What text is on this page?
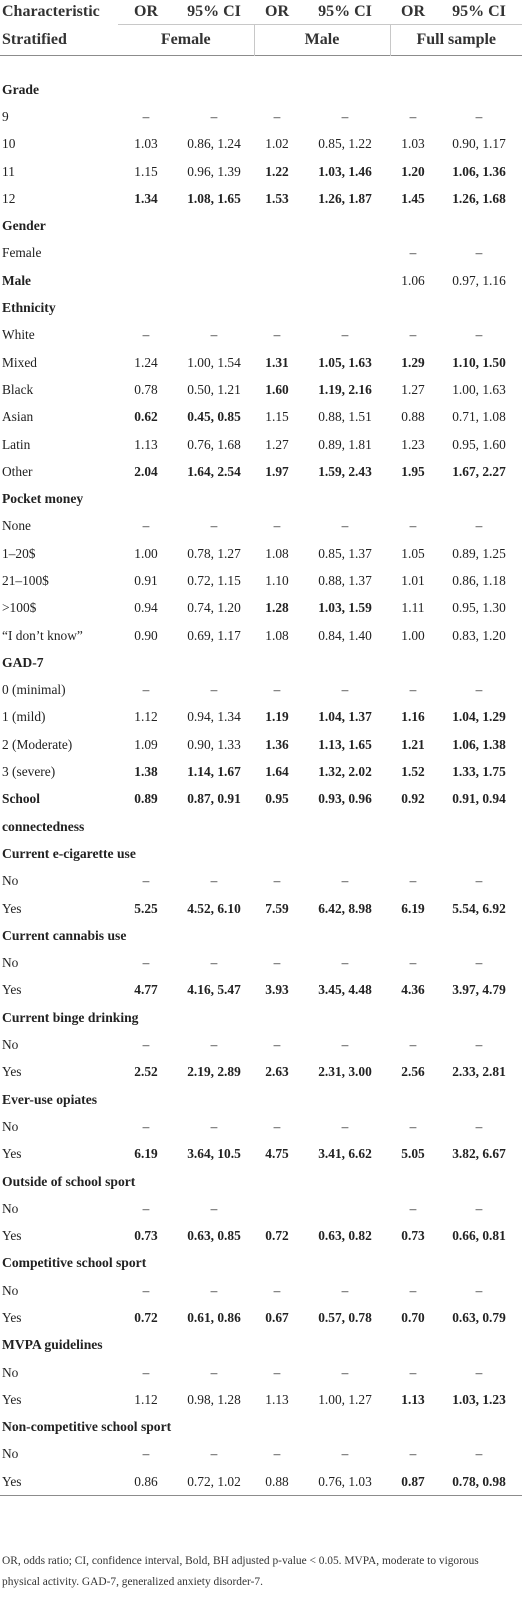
Characteristic	OR	95% CI	OR	95% CI	OR	95% CI
Stratified	Female		Male		Full sample	

Grade						
9	–	–	–	–	–	–
10	1.03	0.86, 1.24	1.02	0.85, 1.22	1.03	0.90, 1.17
11	1.15	0.96, 1.39	1.22	1.03, 1.46	1.20	1.06, 1.36
12	1.34	1.08, 1.65	1.53	1.26, 1.87	1.45	1.26, 1.68
Gender						
Female					–	–
Male					1.06	0.97, 1.16
Ethnicity						
White	–	–	–	–	–	–
Mixed	1.24	1.00, 1.54	1.31	1.05, 1.63	1.29	1.10, 1.50
Black	0.78	0.50, 1.21	1.60	1.19, 2.16	1.27	1.00, 1.63
Asian	0.62	0.45, 0.85	1.15	0.88, 1.51	0.88	0.71, 1.08
Latin	1.13	0.76, 1.68	1.27	0.89, 1.81	1.23	0.95, 1.60
Other	2.04	1.64, 2.54	1.97	1.59, 2.43	1.95	1.67, 2.27
Pocket money						
None	–	–	–	–	–	–
1–20$	1.00	0.78, 1.27	1.08	0.85, 1.37	1.05	0.89, 1.25
21–100$	0.91	0.72, 1.15	1.10	0.88, 1.37	1.01	0.86, 1.18
>100$	0.94	0.74, 1.20	1.28	1.03, 1.59	1.11	0.95, 1.30
“I don’t know”	0.90	0.69, 1.17	1.08	0.84, 1.40	1.00	0.83, 1.20
GAD-7						
0 (minimal)	–	–	–	–	–	–
1 (mild)	1.12	0.94, 1.34	1.19	1.04, 1.37	1.16	1.04, 1.29
2 (Moderate)	1.09	0.90, 1.33	1.36	1.13, 1.65	1.21	1.06, 1.38
3 (severe)	1.38	1.14, 1.67	1.64	1.32, 2.02	1.52	1.33, 1.75
School	0.89	0.87, 0.91	0.95	0.93, 0.96	0.92	0.91, 0.94
connectedness						
Current e-cigarette use						
No	–	–	–	–	–	–
Yes	5.25	4.52, 6.10	7.59	6.42, 8.98	6.19	5.54, 6.92
Current cannabis use						
No	–	–	–	–	–	–
Yes	4.77	4.16, 5.47	3.93	3.45, 4.48	4.36	3.97, 4.79
Current binge drinking						
No	–	–	–	–	–	–
Yes	2.52	2.19, 2.89	2.63	2.31, 3.00	2.56	2.33, 2.81
Ever-use opiates						
No	–	–	–	–	–	–
Yes	6.19	3.64, 10.5	4.75	3.41, 6.62	5.05	3.82, 6.67
Outside of school sport						
No	–	–			–	–
Yes	0.73	0.63, 0.85	0.72	0.63, 0.82	0.73	0.66, 0.81
Competitive school sport						
No	–	–	–	–	–	–
Yes	0.72	0.61, 0.86	0.67	0.57, 0.78	0.70	0.63, 0.79
MVPA guidelines						
No	–	–	–	–	–	–
Yes	1.12	0.98, 1.28	1.13	1.00, 1.27	1.13	1.03, 1.23
Non-competitive school sport						
No	–	–	–	–	–	–
Yes	0.86	0.72, 1.02	0.88	0.76, 1.03	0.87	0.78, 0.98
OR, odds ratio; CI, confidence interval, Bold, BH adjusted p-value < 0.05. MVPA, moderate to vigorous physical activity. GAD-7, generalized anxiety disorder-7.
